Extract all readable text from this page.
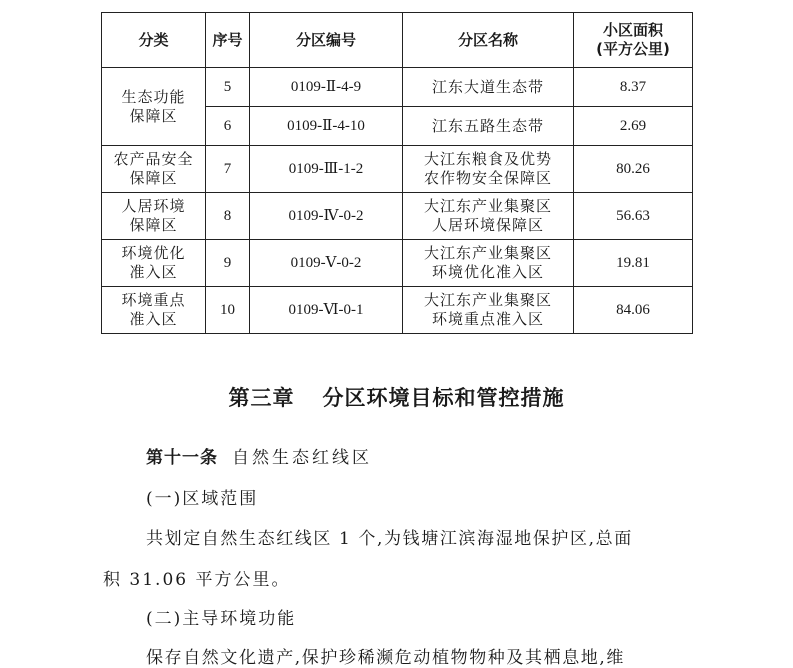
分类	序号	分区编号	分区名称	小区面积
(平方公里)

生态功能
保障区	5	0109-Ⅱ-4-9	江东大道生态带	8.37
	6	0109-Ⅱ-4-10	江东五路生态带	2.69

农产品安全
保障区	7	0109-Ⅲ-1-2	大江东粮食及优势
农作物安全保障区	80.26

人居环境
保障区	8	0109-Ⅳ-0-2	大江东产业集聚区
人居环境保障区	56.63

环境优化
准入区	9	0109-Ⅴ-0-2	大江东产业集聚区
环境优化准入区	19.81

环境重点
准入区	10	0109-Ⅵ-0-1	大江东产业集聚区
环境重点准入区	84.06
第三章 分区环境目标和管控措施

第十一条 自然生态红线区

(一)区域范围

共划定自然生态红线区 1 个,为钱塘江滨海湿地保护区,总面

积 31.06 平方公里。

(二)主导环境功能

保存自然文化遗产,保护珍稀濒危动植物物种及其栖息地,维
